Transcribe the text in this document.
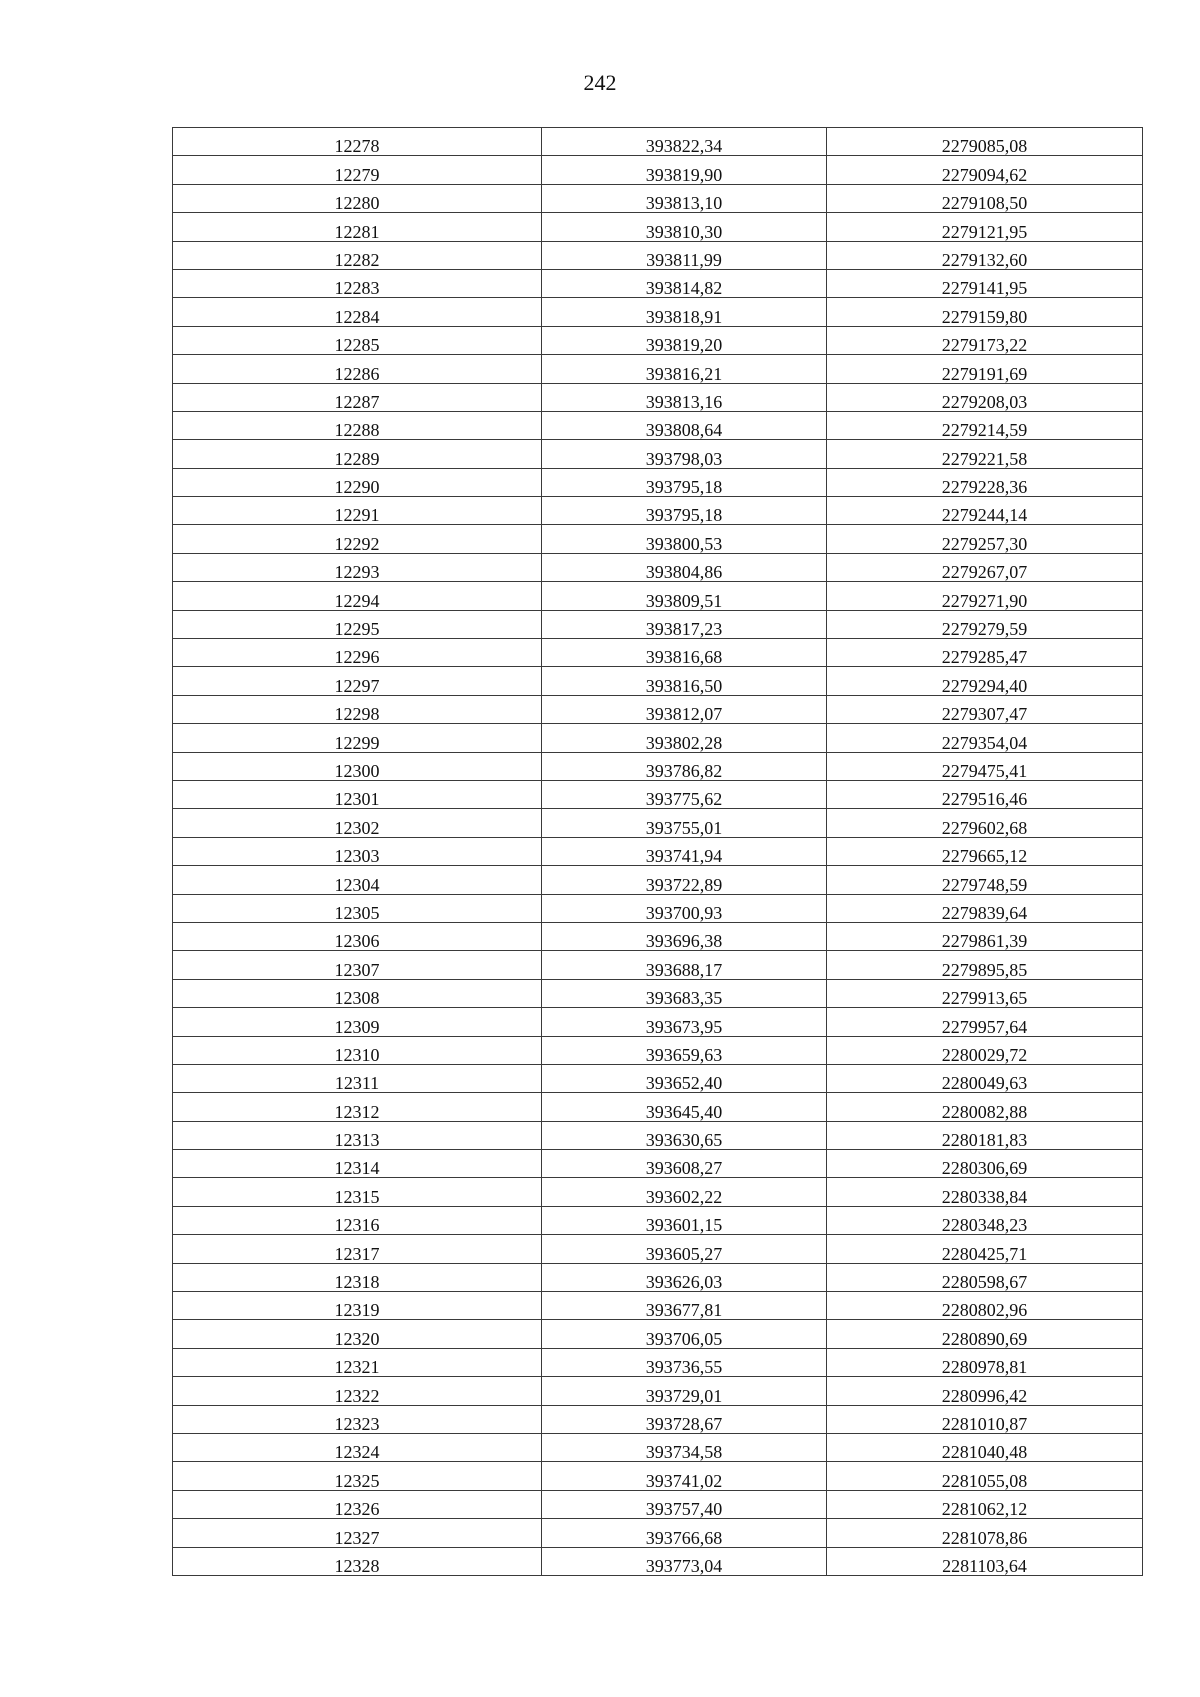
242
12278	393822,34	2279085,08
12279	393819,90	2279094,62
12280	393813,10	2279108,50
12281	393810,30	2279121,95
12282	393811,99	2279132,60
12283	393814,82	2279141,95
12284	393818,91	2279159,80
12285	393819,20	2279173,22
12286	393816,21	2279191,69
12287	393813,16	2279208,03
12288	393808,64	2279214,59
12289	393798,03	2279221,58
12290	393795,18	2279228,36
12291	393795,18	2279244,14
12292	393800,53	2279257,30
12293	393804,86	2279267,07
12294	393809,51	2279271,90
12295	393817,23	2279279,59
12296	393816,68	2279285,47
12297	393816,50	2279294,40
12298	393812,07	2279307,47
12299	393802,28	2279354,04
12300	393786,82	2279475,41
12301	393775,62	2279516,46
12302	393755,01	2279602,68
12303	393741,94	2279665,12
12304	393722,89	2279748,59
12305	393700,93	2279839,64
12306	393696,38	2279861,39
12307	393688,17	2279895,85
12308	393683,35	2279913,65
12309	393673,95	2279957,64
12310	393659,63	2280029,72
12311	393652,40	2280049,63
12312	393645,40	2280082,88
12313	393630,65	2280181,83
12314	393608,27	2280306,69
12315	393602,22	2280338,84
12316	393601,15	2280348,23
12317	393605,27	2280425,71
12318	393626,03	2280598,67
12319	393677,81	2280802,96
12320	393706,05	2280890,69
12321	393736,55	2280978,81
12322	393729,01	2280996,42
12323	393728,67	2281010,87
12324	393734,58	2281040,48
12325	393741,02	2281055,08
12326	393757,40	2281062,12
12327	393766,68	2281078,86
12328	393773,04	2281103,64
